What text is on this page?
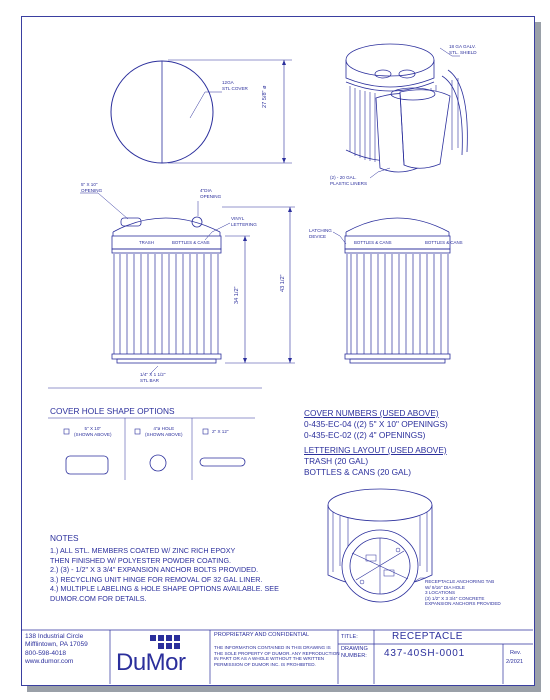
12GA
STL COVER	27 5/8" ø
18 GA GALV.
STL. SHIELD
(2) - 20 GAL.
PLASTIC LINERS
5" X 10"
OPENING	4"DIA
OPENING
VINYL
LETTERING
TRASH	BOTTLES & CANS
34 1/2"
43 1/2"
1/4" X 1 1/2"
STL BAR
LATCHING
DEVICE
BOTTLES & CANS	BOTTLES & CANS
COVER HOLE SHAPE OPTIONS
5" X 10"
(SHOWN ABOVE)
4"ø HOLE
(SHOWN ABOVE)
2" X 12"
COVER NUMBERS (USED ABOVE)
0-435-EC-04 ((2) 5" X 10" OPENINGS)
0-435-EC-02 ((2) 4" OPENINGS)
LETTERING LAYOUT (USED ABOVE)
TRASH (20 GAL)
BOTTLES & CANS (20 GAL)
NOTES
1.) ALL STL. MEMBERS COATED W/ ZINC RICH EPOXY
THEN FINISHED W/ POLYESTER POWDER COATING.
2.) (3) - 1/2" X 3 3/4" EXPANSION ANCHOR BOLTS PROVIDED.
3.) RECYCLING UNIT HINGE FOR REMOVAL OF 32 GAL LINER.
4.) MULTIPLE LABELING & HOLE SHAPE OPTIONS AVAILABLE. SEE
DUMOR.COM FOR DETAILS.
RECEPTACLE ANCHORING TAB
W/ 9/16" DIA HOLE
3 LOCATIONS
(3) 1/2" X 3 3/4" CONCRETE
EXPANSION ANCHORS PROVIDED
138 Industrial Circle
Mifflintown, PA 17059
800-598-4018
www.dumor.com	DuMor
PROPRIETARY AND CONFIDENTIAL
THE INFORMATION CONTAINED IN THIS DRAWING IS
THE SOLE PROPERTY OF DUMOR. ANY REPRODUCTION
IN PART OR AS A WHOLE WITHOUT THE WRITTEN
PERMISSION OF DUMOR INC. IS PROHIBITED.
TITLE:	RECEPTACLE
DRAWING
NUMBER: 437-40SH-0001	Rev.
2/2021
